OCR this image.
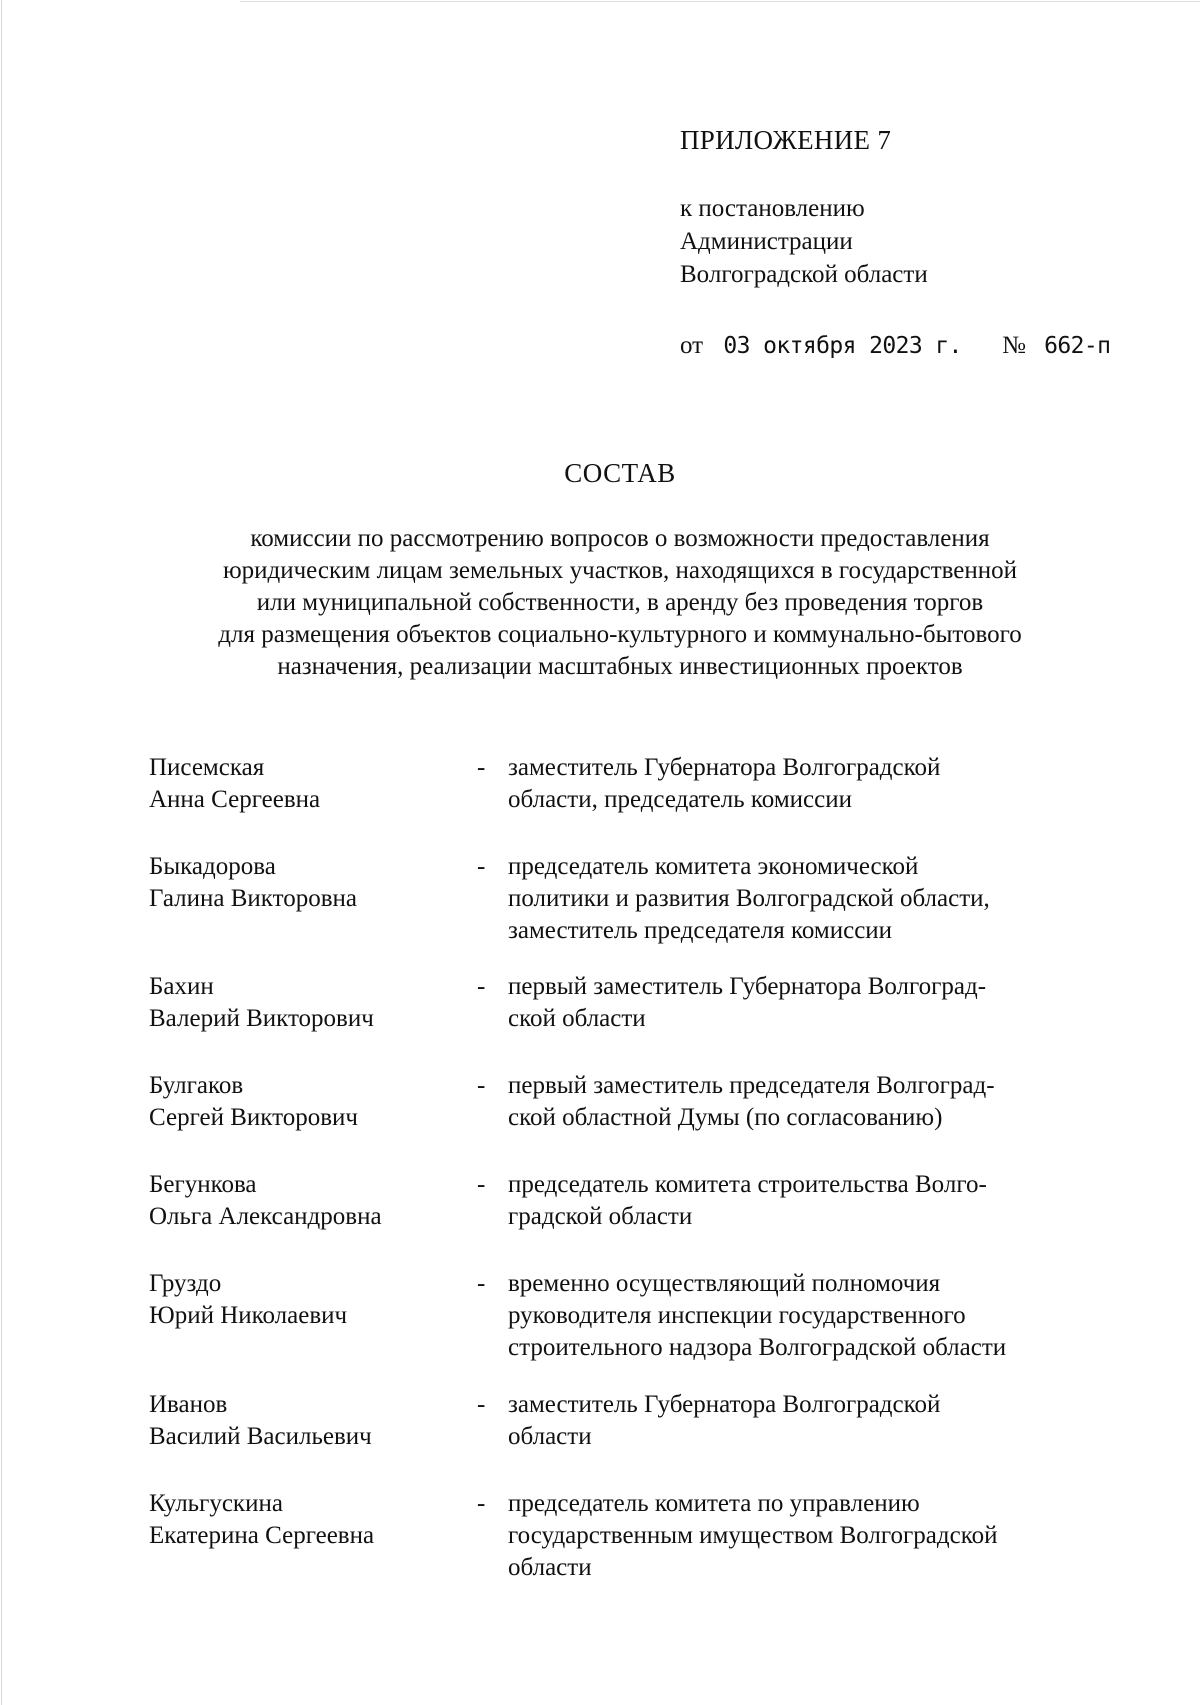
ПРИЛОЖЕНИЕ 7
к постановлению
Администрации
Волгоградской области
от 03 октября 2023 г. № 662-п
СОСТАВ
комиссии по рассмотрению вопросов о возможности предоставления
юридическим лицам земельных участков, находящихся в государственной
или муниципальной собственности, в аренду без проведения торгов
для размещения объектов социально-культурного и коммунально-бытового
назначения, реализации масштабных инвестиционных проектов
Писемская
Анна Сергеевна
- заместитель Губернатора Волгоградской
области, председатель комиссии
Быкадорова
Галина Викторовна
- председатель комитета экономической
политики и развития Волгоградской области,
заместитель председателя комиссии
Бахин
Валерий Викторович
- первый заместитель Губернатора Волгоград-
ской области
Булгаков
Сергей Викторович
- первый заместитель председателя Волгоград-
ской областной Думы (по согласованию)
Бегункова
Ольга Александровна
- председатель комитета строительства Волго-
градской области
Груздо
Юрий Николаевич
- временно осуществляющий полномочия
руководителя инспекции государственного
строительного надзора Волгоградской области
Иванов
Василий Васильевич
- заместитель Губернатора Волгоградской
области
Кульгускина
Екатерина Сергеевна
- председатель комитета по управлению
государственным имуществом Волгоградской
области
